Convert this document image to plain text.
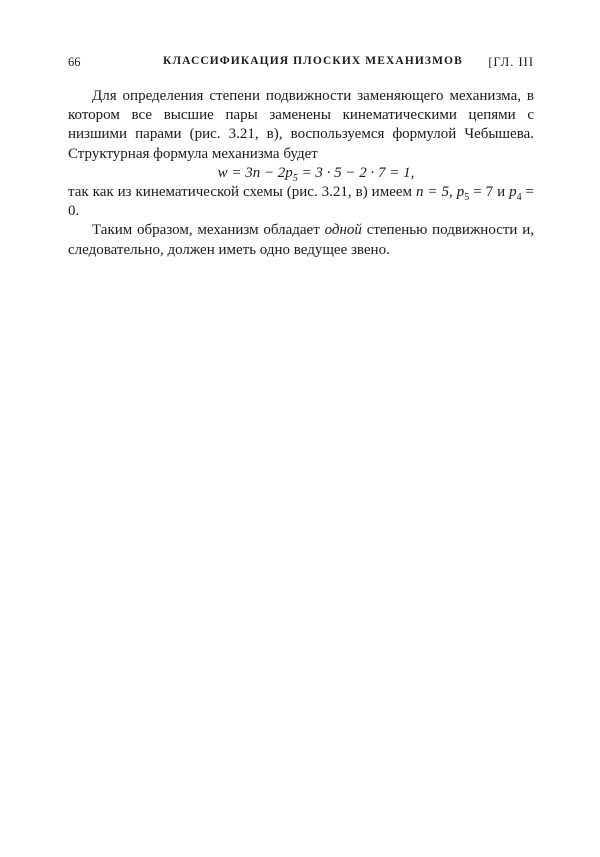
66	КЛАССИФИКАЦИЯ ПЛОСКИХ МЕХАНИЗМОВ [ГЛ. III

Для определения степени подвижности заменяющего механизма, в котором все высшие пары заменены кинематическими цепями с низшими парами (рис. 3.21, в), воспользуемся формулой Чебышева. Структурная формула механизма будет

$w = 3n - 2p_5 = 3 \cdot 5 - 2 \cdot 7 = 1$,

так как из кинематической схемы (рис. 3.21, в) имеем n = 5, $p_5 = 7$ и $p_4 = 0$.

Таким образом, механизм обладает одной степенью подвижности и, следовательно, должен иметь одно ведущее звено.
